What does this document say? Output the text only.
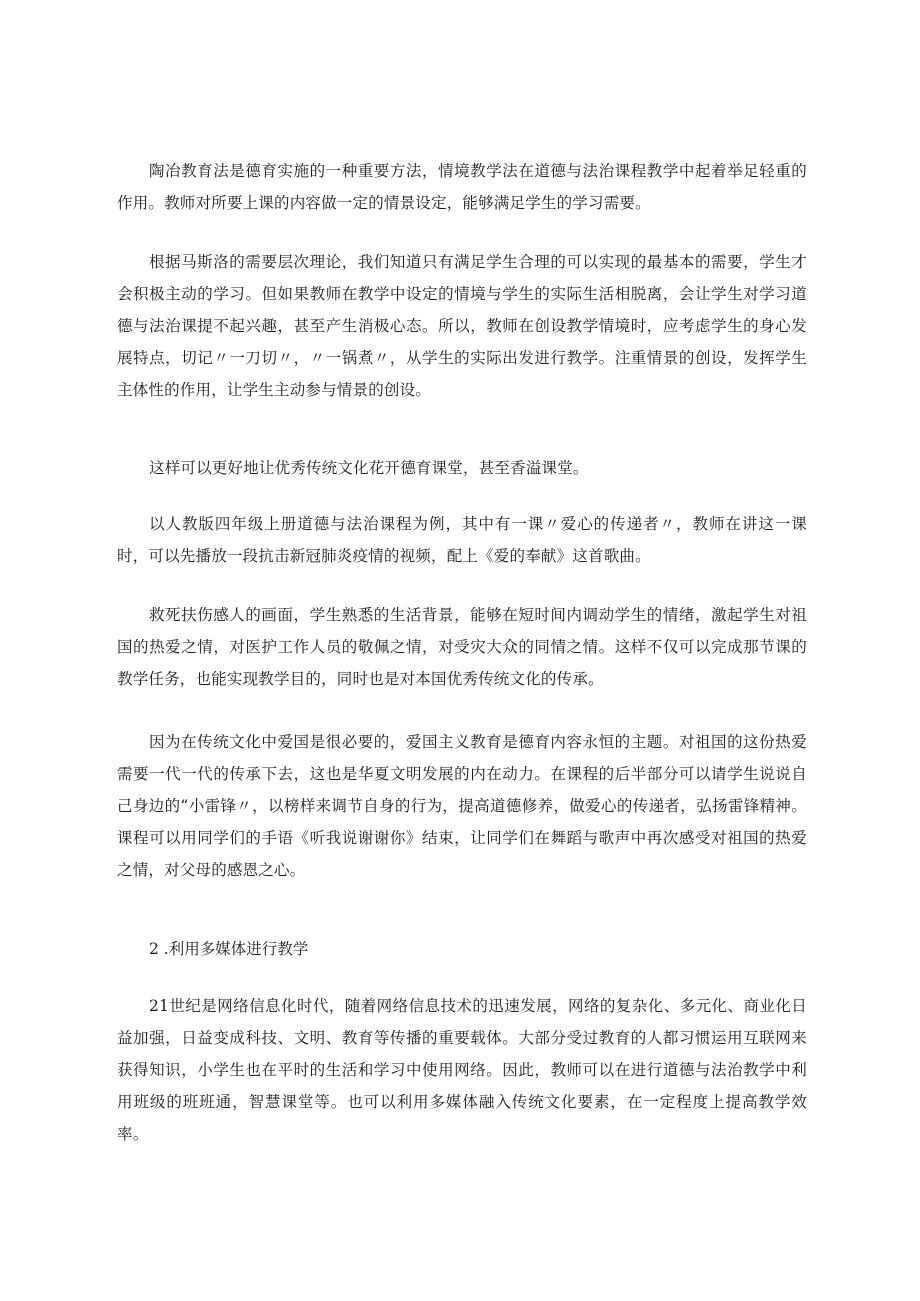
陶冶教育法是德育实施的一种重要方法，情境教学法在道德与法治课程教学中起着举足轻重的作用。教师对所要上课的内容做一定的情景设定，能够满足学生的学习需要。

根据马斯洛的需要层次理论，我们知道只有满足学生合理的可以实现的最基本的需要，学生才会积极主动的学习。但如果教师在教学中设定的情境与学生的实际生活相脱离，会让学生对学习道德与法治课提不起兴趣，甚至产生消极心态。所以，教师在创设教学情境时，应考虑学生的身心发展特点，切记〃一刀切〃，〃一锅煮〃，从学生的实际出发进行教学。注重情景的创设，发挥学生主体性的作用，让学生主动参与情景的创设。

这样可以更好地让优秀传统文化花开德育课堂，甚至香溢课堂。

以人教版四年级上册道德与法治课程为例，其中有一课〃爱心的传递者〃，教师在讲这一课时，可以先播放一段抗击新冠肺炎疫情的视频，配上《爱的奉献》这首歌曲。

救死扶伤感人的画面，学生熟悉的生活背景，能够在短时间内调动学生的情绪，激起学生对祖国的热爱之情，对医护工作人员的敬佩之情，对受灾大众的同情之情。这样不仅可以完成那节课的教学任务，也能实现教学目的，同时也是对本国优秀传统文化的传承。

因为在传统文化中爱国是很必要的，爱国主义教育是德育内容永恒的主题。对祖国的这份热爱需要一代一代的传承下去，这也是华夏文明发展的内在动力。在课程的后半部分可以请学生说说自己身边的“小雷锋〃，以榜样来调节自身的行为，提高道德修养，做爱心的传递者，弘扬雷锋精神。课程可以用同学们的手语《听我说谢谢你》结束，让同学们在舞蹈与歌声中再次感受对祖国的热爱之情，对父母的感恩之心。

2 .利用多媒体进行教学

21世纪是网络信息化时代，随着网络信息技术的迅速发展，网络的复杂化、多元化、商业化日益加强，日益变成科技、文明、教育等传播的重要载体。大部分受过教育的人都习惯运用互联网来获得知识，小学生也在平时的生活和学习中使用网络。因此，教师可以在进行道德与法治教学中利用班级的班班通，智慧课堂等。也可以利用多媒体融入传统文化要素，在一定程度上提高教学效率。
